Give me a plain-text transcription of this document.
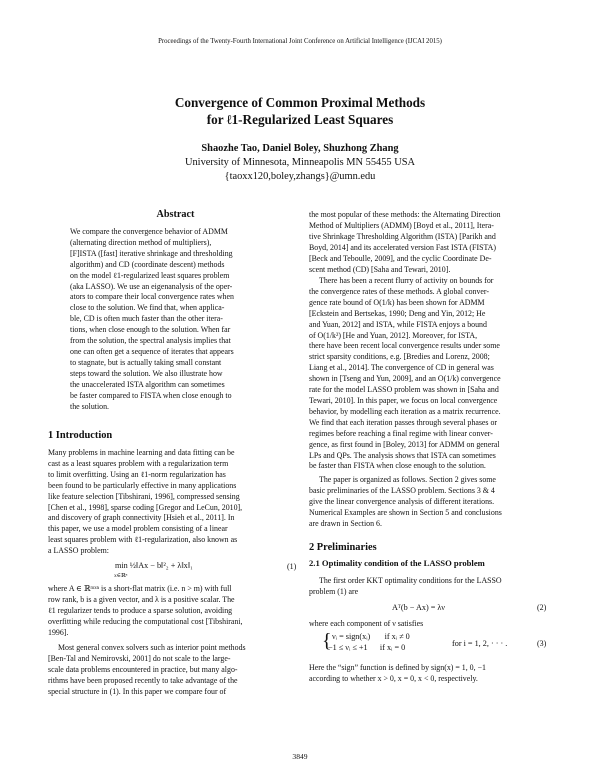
Proceedings of the Twenty-Fourth International Joint Conference on Artificial Intelligence (IJCAI 2015)
Convergence of Common Proximal Methods
for ℓ1-Regularized Least Squares
Shaozhe Tao, Daniel Boley, Shuzhong Zhang
University of Minnesota, Minneapolis MN 55455 USA
{taoxx120,boley,zhangs}@umn.edu
Abstract
We compare the convergence behavior of ADMM
(alternating direction method of multipliers),
[F]ISTA ([fast] iterative shrinkage and thresholding
algorithm) and CD (coordinate descent) methods
on the model ℓ1-regularized least squares problem
(aka LASSO). We use an eigenanalysis of the oper-
ators to compare their local convergence rates when
close to the solution. We find that, when applica-
ble, CD is often much faster than the other itera-
tions, when close enough to the solution. When far
from the solution, the spectral analysis implies that
one can often get a sequence of iterates that appears
to stagnate, but is actually taking small constant
steps toward the solution. We also illustrate how
the unaccelerated ISTA algorithm can sometimes
be faster compared to FISTA when close enough to
the solution.
1 Introduction
Many problems in machine learning and data fitting can be
cast as a least squares problem with a regularization term
to limit overfitting. Using an ℓ1-norm regularization has
been found to be particularly effective in many applications
like feature selection [Tibshirani, 1996], compressed sensing
[Chen et al., 1998], sparse coding [Gregor and LeCun, 2010],
and discovery of graph connectivity [Hsieh et al., 2011]. In
this paper, we use a model problem consisting of a linear
least squares problem with ℓ1-regularization, also known as
a LASSO problem:
min ½‖Ax − b‖²₂ + λ‖x‖₁
x∈ℝⁿ
(1)
where A ∈ ℝᵐˣⁿ is a short-flat matrix (i.e. n > m) with full
row rank, b is a given vector, and λ is a positive scalar. The
ℓ1 regularizer tends to produce a sparse solution, avoiding
overfitting while reducing the computational cost [Tibshirani,
1996].
Most general convex solvers such as interior point methods
[Ben-Tal and Nemirovski, 2001] do not scale to the large-
scale data problems encountered in practice, but many algo-
rithms have been proposed recently to take advantage of the
special structure in (1). In this paper we compare four of
the most popular of these methods: the Alternating Direction
Method of Multipliers (ADMM) [Boyd et al., 2011], Itera-
tive Shrinkage Thresholding Algorithm (ISTA) [Parikh and
Boyd, 2014] and its accelerated version Fast ISTA (FISTA)
[Beck and Teboulle, 2009], and the cyclic Coordinate De-
scent method (CD) [Saha and Tewari, 2010].
There has been a recent flurry of activity on bounds for
the convergence rates of these methods. A global conver-
gence rate bound of O(1/k) has been shown for ADMM
[Eckstein and Bertsekas, 1990; Deng and Yin, 2012; He
and Yuan, 2012] and ISTA, while FISTA enjoys a bound
of O(1/k²) [He and Yuan, 2012]. Moreover, for ISTA,
there have been recent local convergence results under some
strict sparsity conditions, e.g. [Bredies and Lorenz, 2008;
Liang et al., 2014]. The convergence of CD in general was
shown in [Tseng and Yun, 2009], and an O(1/k) convergence
rate for the model LASSO problem was shown in [Saha and
Tewari, 2010]. In this paper, we focus on local convergence
behavior, by modelling each iteration as a matrix recurrence.
We find that each iteration passes through several phases or
regimes before reaching a final regime with linear conver-
gence, as first found in [Boley, 2013] for ADMM on general
LPs and QPs. The analysis shows that ISTA can sometimes
be faster than FISTA when close enough to the solution.
The paper is organized as follows. Section 2 gives some
basic preliminaries of the LASSO problem. Sections 3 & 4
give the linear convergence analysis of different iterations.
Numerical Examples are shown in Section 5 and conclusions
are drawn in Section 6.
2 Preliminaries
2.1 Optimality condition of the LASSO problem
The first order KKT optimality conditions for the LASSO
problem (1) are
Aᵀ(b − Ax) = λν	(2)
where each component of ν satisfies
{ νᵢ = sign(xᵢ)       if xᵢ ≠ 0
−1 ≤ νᵢ ≤ +1      if xᵢ = 0	for i = 1, 2, · · · .	(3)
Here the “sign” function is defined by sign(x) = 1, 0, −1
according to whether x > 0, x = 0, x < 0, respectively.
3849
